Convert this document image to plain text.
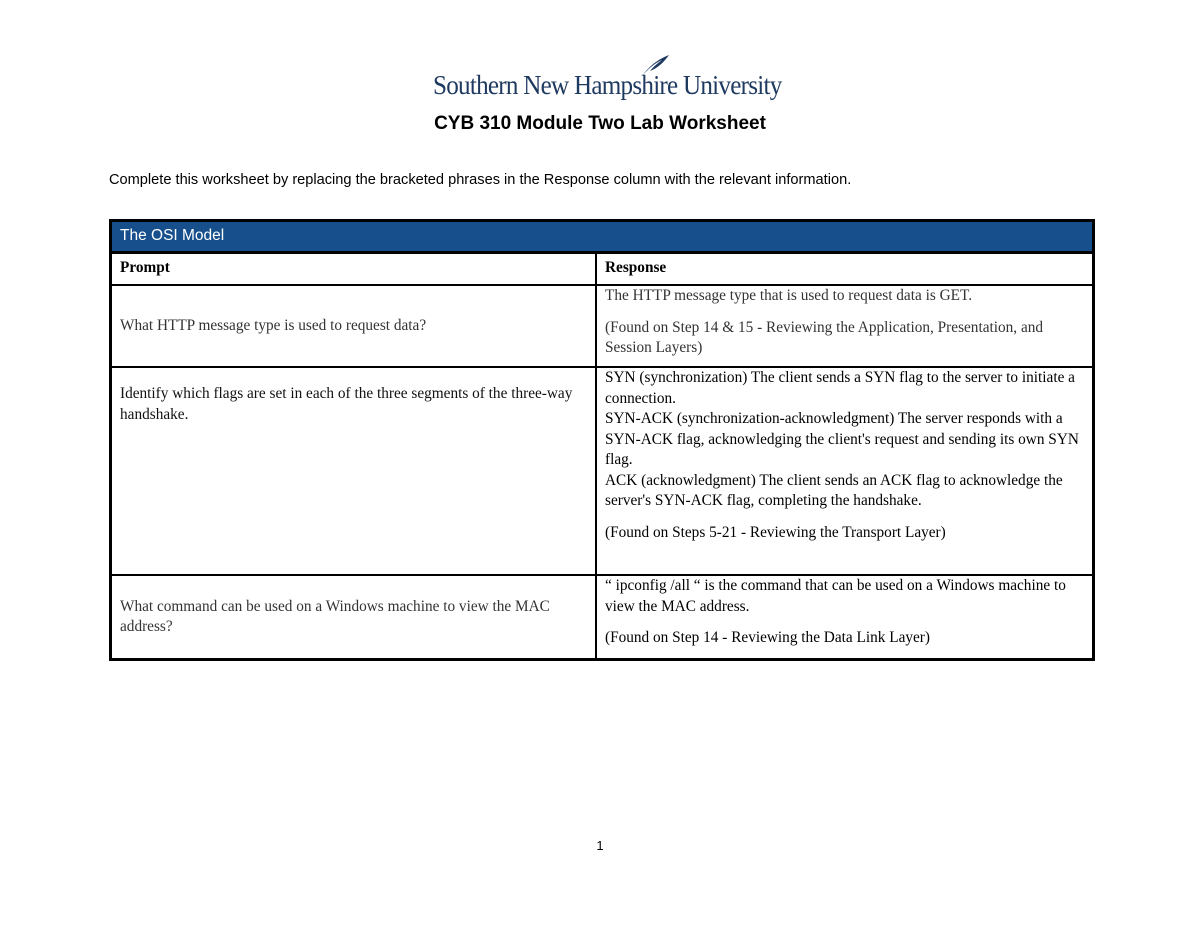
Southern New Hampshire University
CYB 310 Module Two Lab Worksheet
Complete this worksheet by replacing the bracketed phrases in the Response column with the relevant information.
The OSI Model
Prompt	Response
What HTTP message type is used to request data?	The HTTP message type that is used to request data is GET.

(Found on Step 14 & 15 - Reviewing the Application, Presentation, and Session Layers)

Identify which flags are set in each of the three segments of the three-way handshake.	SYN (synchronization) The client sends a SYN flag to the server to initiate a connection.

SYN-ACK (synchronization-acknowledgment) The server responds with a SYN-ACK flag, acknowledging the client's request and sending its own SYN flag.

ACK (acknowledgment) The client sends an ACK flag to acknowledge the server's SYN-ACK flag, completing the handshake.

(Found on Steps 5-21 - Reviewing the Transport Layer)

What command can be used on a Windows machine to view the MAC address?	“ ipconfig /all “ is the command that can be used on a Windows machine to view the MAC address.

(Found on Step 14 - Reviewing the Data Link Layer)

1
